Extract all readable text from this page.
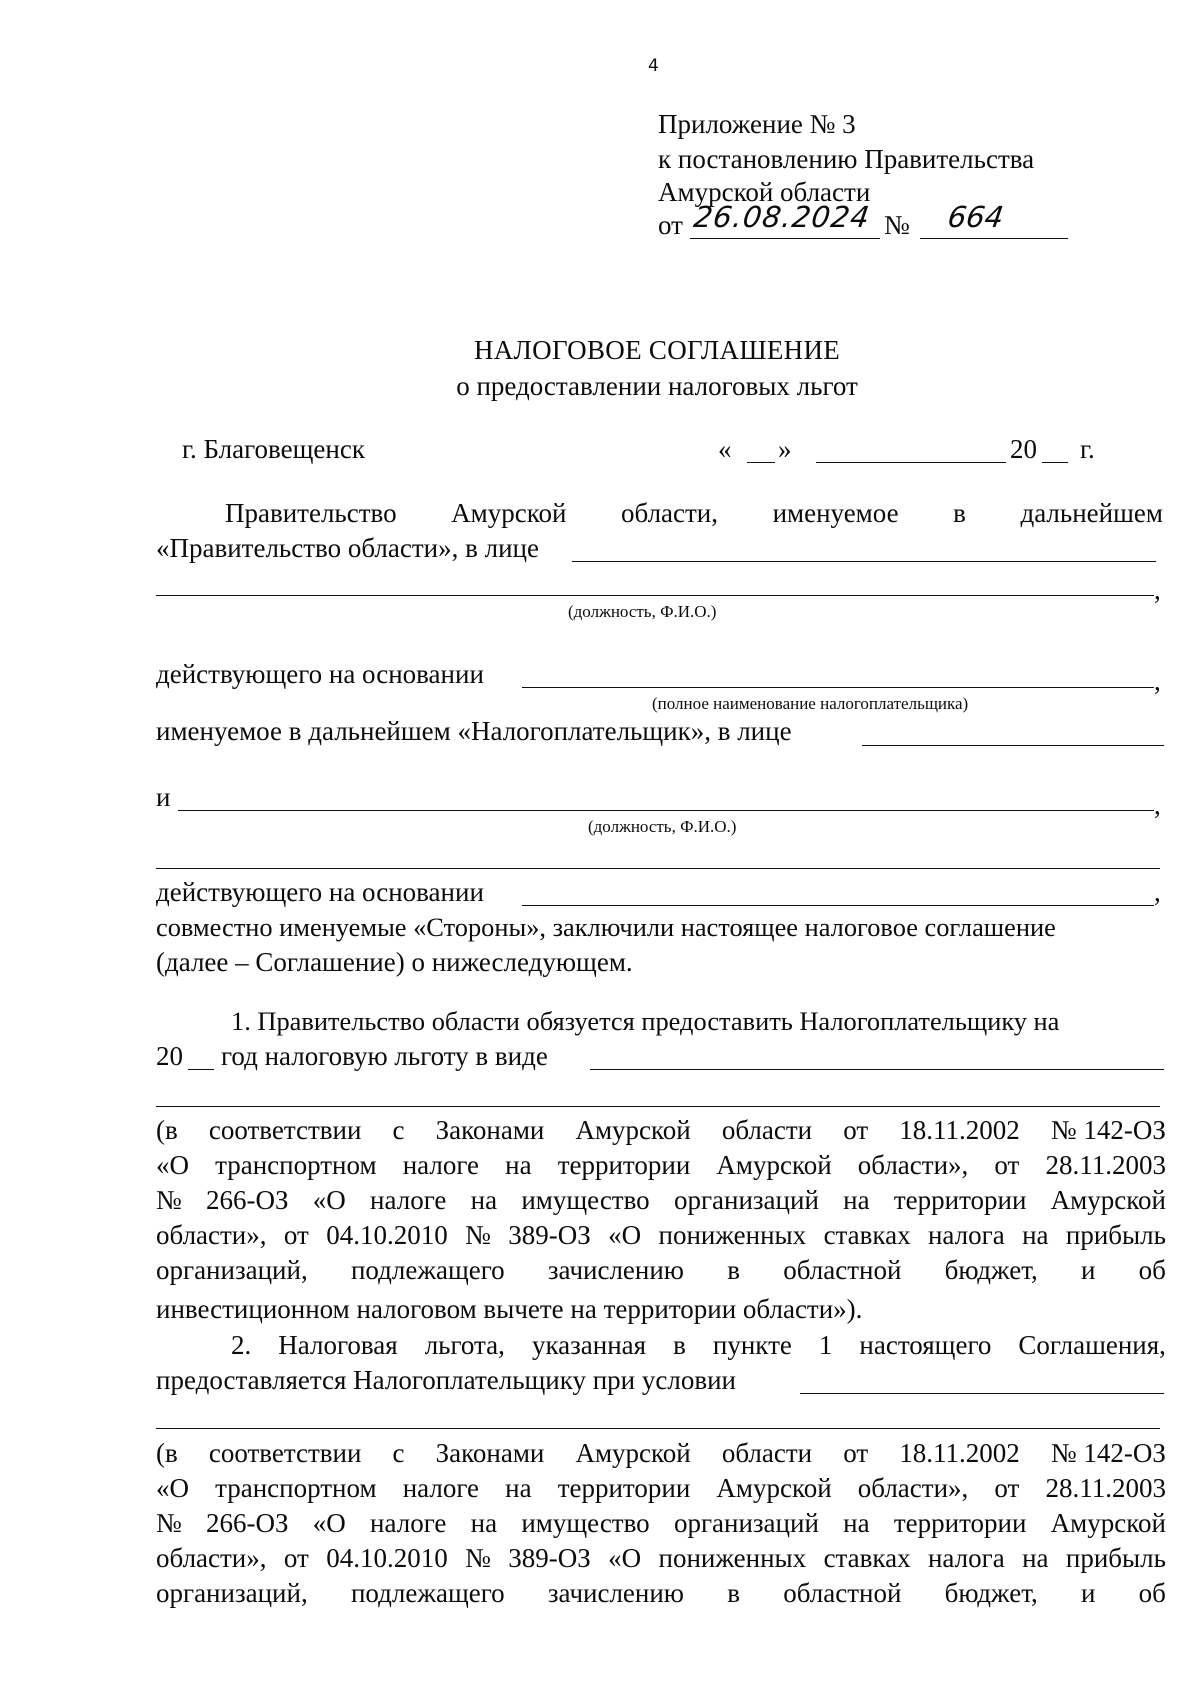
4
Приложение № 3
к постановлению Правительства
Амурской области
от 26.08.2024 № 664
НАЛОГОВОЕ СОГЛАШЕНИЕ
о предоставлении налоговых льгот
г. Благовещенск	« »	20 г.
Правительство Амурской области, именуемое в дальнейшем
«Правительство области», в лице
,
(должность, Ф.И.О.)
действующего на основании	,
(полное наименование налогоплательщика)
именуемое в дальнейшем «Налогоплательщик», в лице
и	,
(должность, Ф.И.О.)
действующего на основании	,
совместно именуемые «Стороны», заключили настоящее налоговое соглашение
(далее – Соглашение) о нижеследующем.
1. Правительство области обязуется предоставить Налогоплательщику на
20 год налоговую льготу в виде
(в соответствии с Законами Амурской области от 18.11.2002 № 142-ОЗ
«О транспортном налоге на территории Амурской области», от 28.11.2003
№ 266-ОЗ «О налоге на имущество организаций на территории Амурской
области», от 04.10.2010 № 389-ОЗ «О пониженных ставках налога на прибыль
организаций, подлежащего зачислению в областной бюджет, и об
инвестиционном налоговом вычете на территории области»).
2. Налоговая льгота, указанная в пункте 1 настоящего Соглашения,
предоставляется Налогоплательщику при условии
(в соответствии с Законами Амурской области от 18.11.2002 № 142-ОЗ
«О транспортном налоге на территории Амурской области», от 28.11.2003
№ 266-ОЗ «О налоге на имущество организаций на территории Амурской
области», от 04.10.2010 № 389-ОЗ «О пониженных ставках налога на прибыль
организаций, подлежащего зачислению в областной бюджет, и об
